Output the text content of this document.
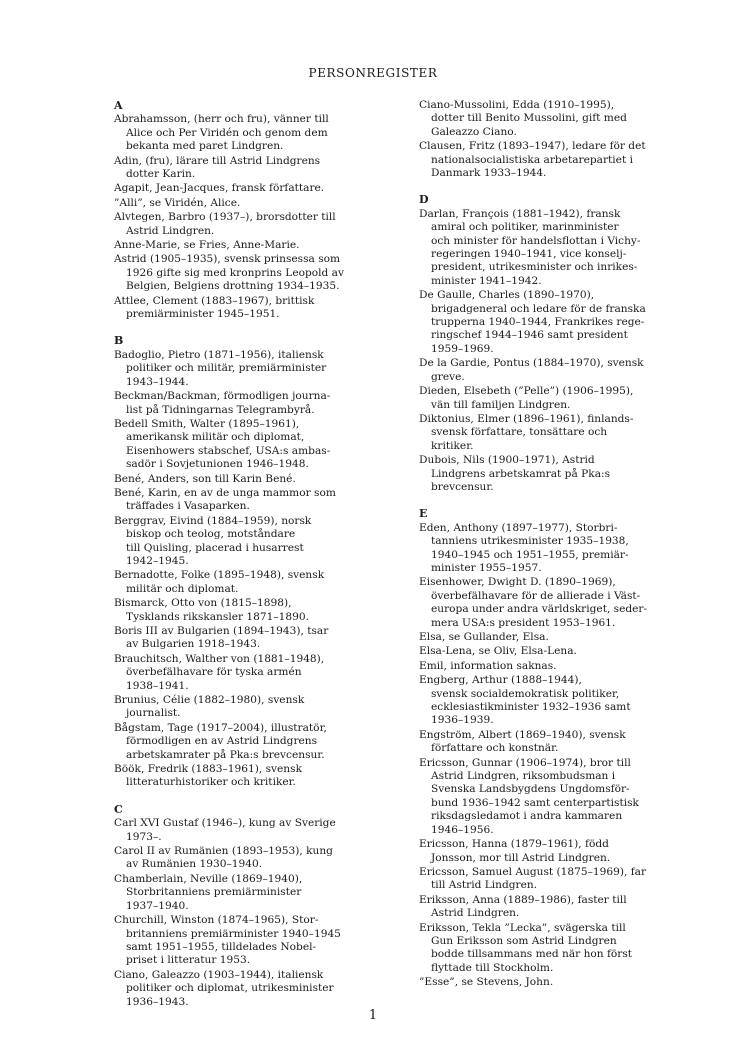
PERSONREGISTER
A
Abrahamsson, (herr och fru), vänner till
Alice och Per Viridén och genom dem
bekanta med paret Lindgren.
Adin, (fru), lärare till Astrid Lindgrens
dotter Karin.
Agapit, Jean-Jacques, fransk författare.
”Alli”, se Viridén, Alice.
Alvtegen, Barbro (1937–), brorsdotter till
Astrid Lindgren.
Anne-Marie, se Fries, Anne-Marie.
Astrid (1905–1935), svensk prinsessa som
1926 gifte sig med kronprins Leopold av
Belgien, Belgiens drottning 1934–1935.
Attlee, Clement (1883–1967), brittisk
premiärminister 1945–1951.
B
Badoglio, Pietro (1871–1956), italiensk
politiker och militär, premiärminister
1943–1944.
Beckman/Backman, förmodligen journa-
list på Tidningarnas Telegrambyrå.
Bedell Smith, Walter (1895–1961),
amerikansk militär och diplomat,
Eisenhowers stabschef, USA:s ambas-
sadör i Sovjetunionen 1946–1948.
Bené, Anders, son till Karin Bené.
Bené, Karin, en av de unga mammor som
träffades i Vasaparken.
Berggrav, Eivind (1884–1959), norsk
biskop och teolog, motståndare
till Quisling, placerad i husarrest
1942–1945.
Bernadotte, Folke (1895–1948), svensk
militär och diplomat.
Bismarck, Otto von (1815–1898),
Tysklands rikskansler 1871–1890.
Boris III av Bulgarien (1894–1943), tsar
av Bulgarien 1918–1943.
Brauchitsch, Walther von (1881–1948),
överbefälhavare för tyska armén
1938–1941.
Brunius, Célie (1882–1980), svensk
journalist.
Bågstam, Tage (1917–2004), illustratör,
förmodligen en av Astrid Lindgrens
arbetskamrater på Pka:s brevcensur.
Böök, Fredrik (1883–1961), svensk
litteraturhistoriker och kritiker.
C
Carl XVI Gustaf (1946–), kung av Sverige
1973–.
Carol II av Rumänien (1893–1953), kung
av Rumänien 1930–1940.
Chamberlain, Neville (1869–1940),
Storbritanniens premiärminister
1937–1940.
Churchill, Winston (1874–1965), Stor-
britanniens premiärminister 1940–1945
samt 1951–1955, tilldelades Nobel-
priset i litteratur 1953.
Ciano, Galeazzo (1903–1944), italiensk
politiker och diplomat, utrikesminister
1936–1943.
Ciano-Mussolini, Edda (1910–1995),
dotter till Benito Mussolini, gift med
Galeazzo Ciano.
Clausen, Fritz (1893–1947), ledare för det
nationalsocialistiska arbetarepartiet i
Danmark 1933–1944.
D
Darlan, François (1881–1942), fransk
amiral och politiker, marinminister
och minister för handelsflottan i Vichy-
regeringen 1940–1941, vice konselj-
president, utrikesminister och inrikes-
minister 1941–1942.
De Gaulle, Charles (1890–1970),
brigadgeneral och ledare för de franska
trupperna 1940–1944, Frankrikes rege-
ringschef 1944–1946 samt president
1959–1969.
De la Gardie, Pontus (1884–1970), svensk
greve.
Dieden, Elsebeth (”Pelle”) (1906–1995),
vän till familjen Lindgren.
Diktonius, Elmer (1896–1961), finlands-
svensk författare, tonsättare och
kritiker.
Dubois, Nils (1900–1971), Astrid
Lindgrens arbetskamrat på Pka:s
brevcensur.
E
Eden, Anthony (1897–1977), Storbri-
tanniens utrikesminister 1935–1938,
1940–1945 och 1951–1955, premiär-
minister 1955–1957.
Eisenhower, Dwight D. (1890–1969),
överbefälhavare för de allierade i Väst-
europa under andra världskriget, seder-
mera USA:s president 1953–1961.
Elsa, se Gullander, Elsa.
Elsa-Lena, se Oliv, Elsa-Lena.
Emil, information saknas.
Engberg, Arthur (1888–1944),
svensk socialdemokratisk politiker,
ecklesiastikminister 1932–1936 samt
1936–1939.
Engström, Albert (1869–1940), svensk
författare och konstnär.
Ericsson, Gunnar (1906–1974), bror till
Astrid Lindgren, riksombudsman i
Svenska Landsbygdens Ungdomsför-
bund 1936–1942 samt centerpartistisk
riksdagsledamot i andra kammaren
1946–1956.
Ericsson, Hanna (1879–1961), född
Jonsson, mor till Astrid Lindgren.
Ericsson, Samuel August (1875–1969), far
till Astrid Lindgren.
Eriksson, Anna (1889–1986), faster till
Astrid Lindgren.
Eriksson, Tekla ”Lecka”, svägerska till
Gun Eriksson som Astrid Lindgren
bodde tillsammans med när hon först
flyttade till Stockholm.
”Esse”, se Stevens, John.
1
